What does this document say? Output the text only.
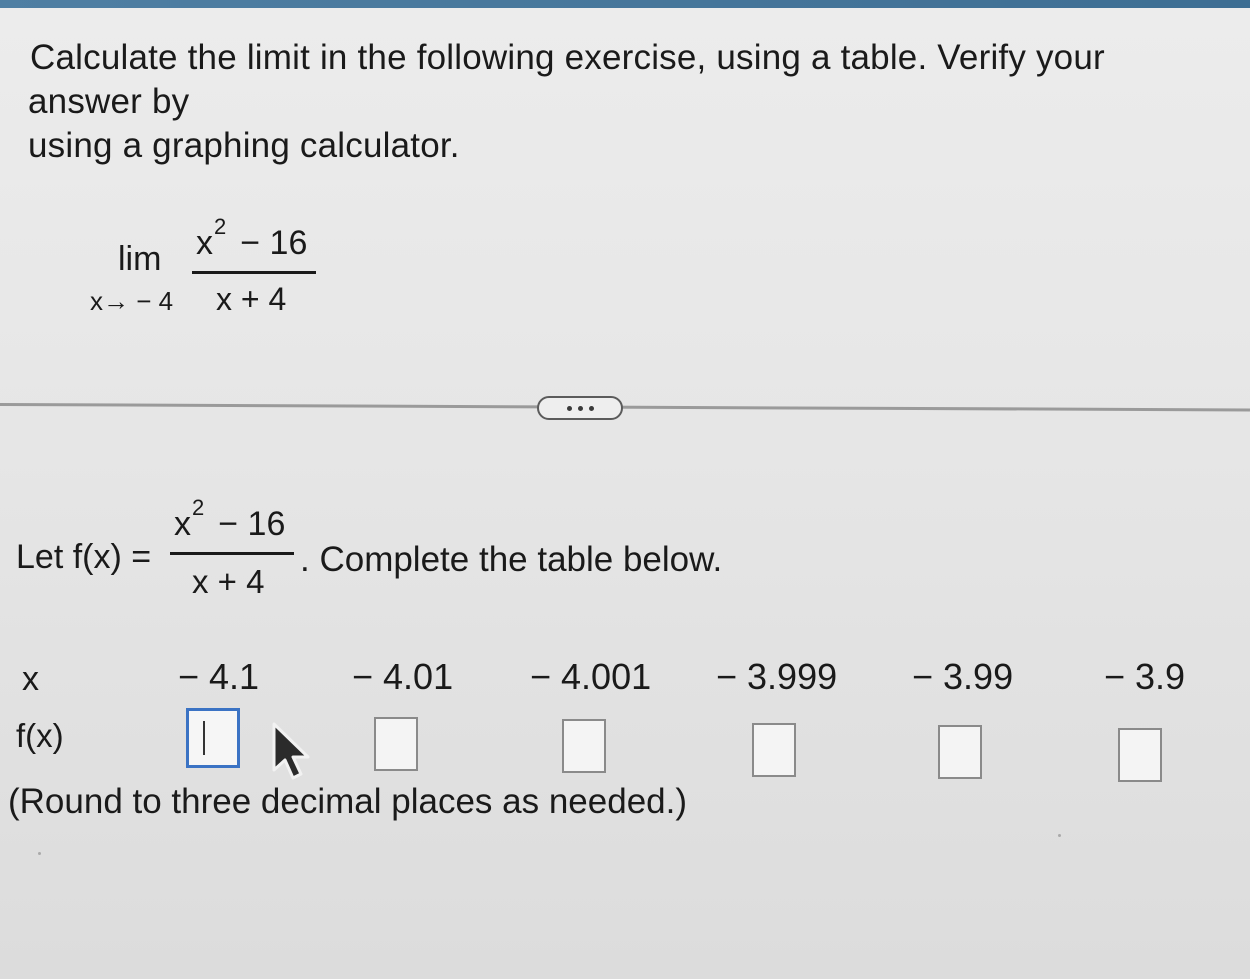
Calculate the limit in the following exercise, using a table. Verify your
answer by
using a graphing calculator.
lim
x→ − 4
x 2 − 16
x + 4
Let f(x) =
x 2 − 16
x + 4
. Complete the table below.
x
f(x)
− 4.1	− 4.01 − 4.001 − 3.999 − 3.99	− 3.9
(Round to three decimal places as needed.)
